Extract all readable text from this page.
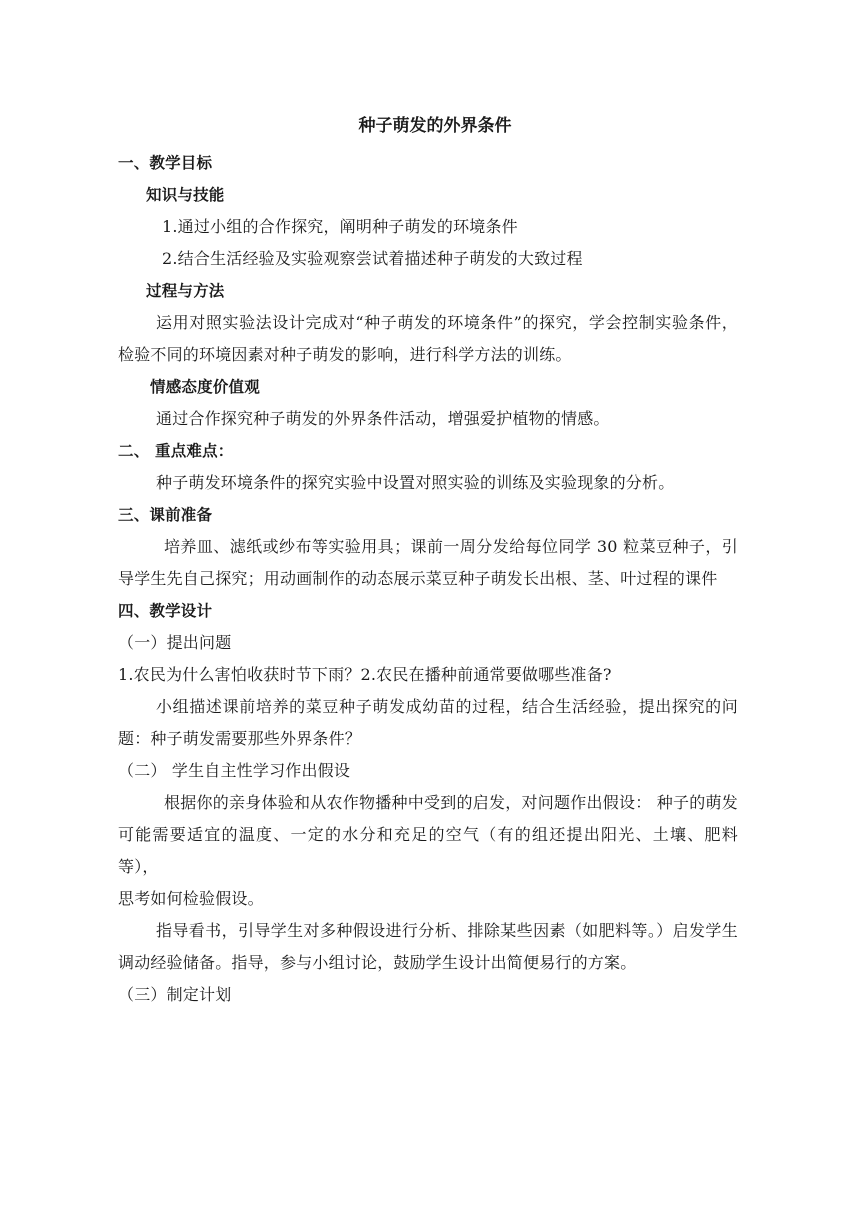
种子萌发的外界条件
一、教学目标
知识与技能
1.通过小组的合作探究，阐明种子萌发的环境条件
2.结合生活经验及实验观察尝试着描述种子萌发的大致过程
过程与方法
运用对照实验法设计完成对“种子萌发的环境条件”的探究，学会控制实验条件，检验不同的环境因素对种子萌发的影响，进行科学方法的训练。
情感态度价值观
通过合作探究种子萌发的外界条件活动，增强爱护植物的情感。
二、 重点难点：
种子萌发环境条件的探究实验中设置对照实验的训练及实验现象的分析。
三、课前准备
培养皿、滤纸或纱布等实验用具；课前一周分发给每位同学 30 粒菜豆种子，引导学生先自己探究；用动画制作的动态展示菜豆种子萌发长出根、茎、叶过程的课件
四、教学设计
（一）提出问题
1.农民为什么害怕收获时节下雨？2.农民在播种前通常要做哪些准备?
小组描述课前培养的菜豆种子萌发成幼苗的过程，结合生活经验，提出探究的问题：种子萌发需要那些外界条件？
（二） 学生自主性学习作出假设
根据你的亲身体验和从农作物播种中受到的启发，对问题作出假设： 种子的萌发可能需要适宜的温度、一定的水分和充足的空气（有的组还提出阳光、土壤、肥料等），
思考如何检验假设。
指导看书，引导学生对多种假设进行分析、排除某些因素（如肥料等。）启发学生调动经验储备。指导，参与小组讨论，鼓励学生设计出简便易行的方案。
（三）制定计划
